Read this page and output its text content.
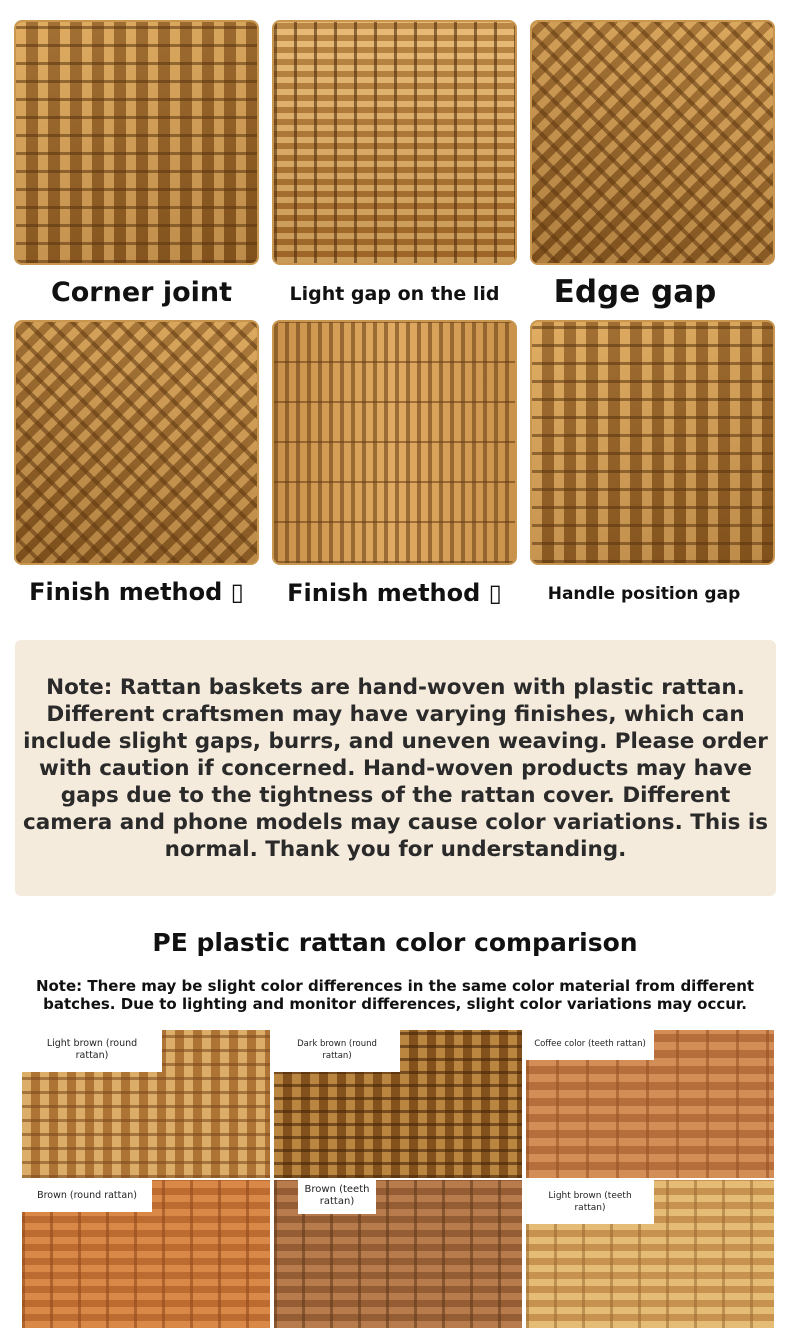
Corner joint	Light gap on the lid	Edge gap
Finish method ▯	Finish method ▯	Handle position gap
Note: Rattan baskets are hand-woven with plastic rattan. Different craftsmen may have varying finishes, which can include slight gaps, burrs, and uneven weaving. Please order with caution if concerned. Hand-woven products may have gaps due to the tightness of the rattan cover. Different camera and phone models may cause color variations. This is normal. Thank you for understanding.
PE plastic rattan color comparison
Note: There may be slight color differences in the same color material from different batches. Due to lighting and monitor differences, slight color variations may occur.
Light brown (round rattan)
Dark brown (round rattan)
Coffee color (teeth rattan)
Brown (round rattan)
Brown (teeth rattan)	Light brown (teeth rattan)
